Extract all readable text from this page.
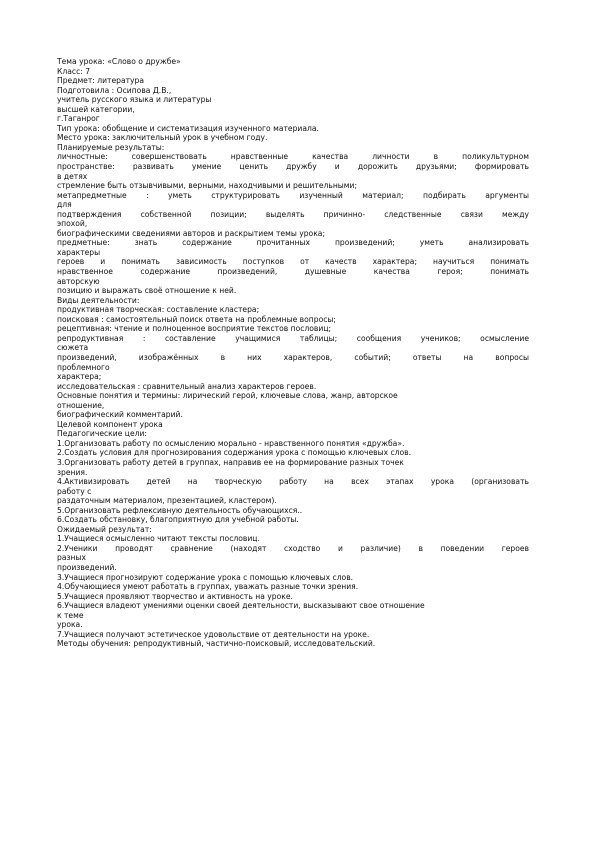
Тема урока: «Слово о дружбе»
Класс: 7
Предмет: литература
Подготовила : Осипова Д.В.,
учитель русского языка и литературы
высшей категории,
г.Таганрог
Тип урока: обобщение и систематизация изученного материала.
Место урока: заключительный урок в учебном году.
Планируемые результаты:
личностные: совершенствовать нравственные качества личности в поликультурном
пространстве: развивать умение ценить дружбу и дорожить друзьями; формировать
в детях
стремление быть отзывчивыми, верными, находчивыми и решительными;
метапредметные : уметь структурировать изученный материал; подбирать аргументы
для
подтверждения собственной позиции; выделять причинно- следственные связи между
эпохой,
биографическими сведениями авторов и раскрытием темы урока;
предметные: знать содержание прочитанных произведений; уметь анализировать
характеры
героев и понимать зависимость поступков от качеств характера; научиться понимать
нравственное содержание произведений, душевные качества героя; понимать
авторскую
позицию и выражать своё отношение к ней.
Виды деятельности:
продуктивная творческая: составление кластера;
поисковая : самостоятельный поиск ответа на проблемные вопросы;
рецептивная: чтение и полноценное восприятие текстов пословиц;
репродуктивная : составление учащимися таблицы; сообщения учеников; осмысление
сюжета
произведений, изображённых в них характеров, событий; ответы на вопросы
проблемного
характера;
исследовательская : сравнительный анализ характеров героев.
Основные понятия и термины: лирический герой, ключевые слова, жанр, авторское
отношение,
биографический комментарий.
Целевой компонент урока
Педагогические цели:
1.Организовать работу по осмыслению морально - нравственного понятия «дружба».
2.Создать условия для прогнозирования содержания урока с помощью ключевых слов.
3.Организовать работу детей в группах, направив ее на формирование разных точек
зрения.
4.Активизировать детей на творческую работу на всех этапах урока (организовать
работу с
раздаточным материалом, презентацией, кластером).
5.Организовать рефлексивную деятельность обучающихся..
6.Создать обстановку, благоприятную для учебной работы.
Ожидаемый результат:
1.Учащиеся осмысленно читают тексты пословиц.
2.Ученики проводят сравнение (находят сходство и различие) в поведении героев
разных
произведений.
3.Учащиеся прогнозируют содержание урока с помощью ключевых слов.
4.Обучающиеся умеют работать в группах, уважать разные точки зрения.
5.Учащиеся проявляют творчество и активность на уроке.
6.Учащиеся владеют умениями оценки своей деятельности, высказывают свое отношение
к теме
урока.
7.Учащиеся получают эстетическое удовольствие от деятельности на уроке.
Методы обучения: репродуктивный, частично-поисковый, исследовательский.
